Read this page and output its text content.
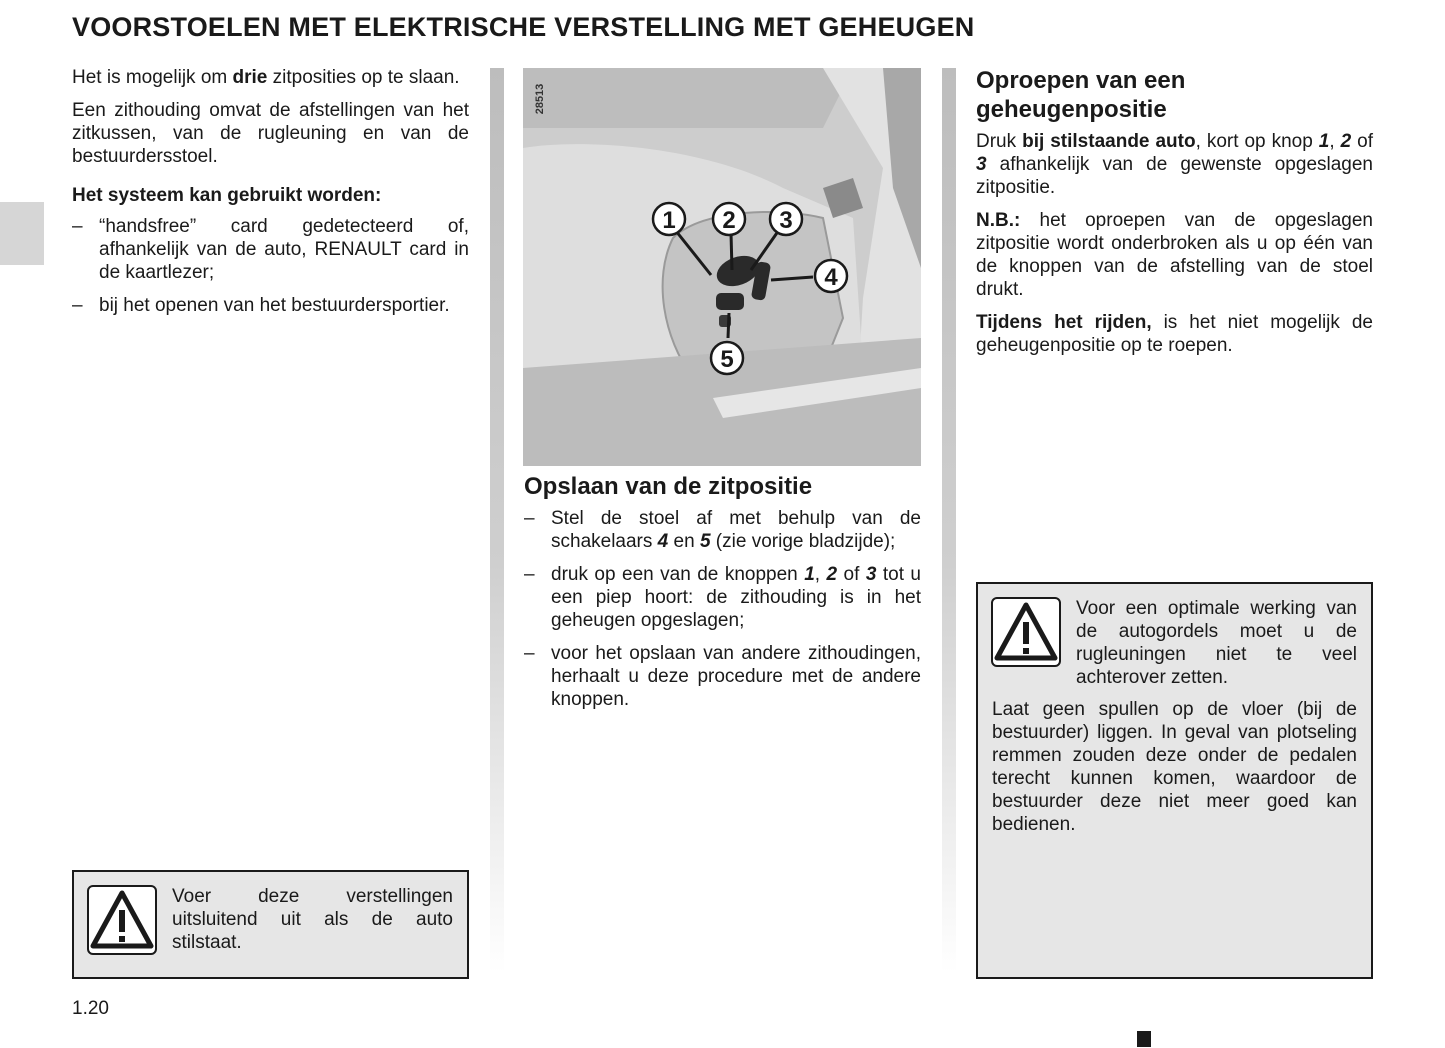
VOORSTOELEN MET ELEKTRISCHE VERSTELLING MET GEHEUGEN

Het is mogelijk om drie zitposities op te slaan.

Een zithouding omvat de afstellingen van het zitkussen, van de rugleuning en van de bestuurdersstoel.

Het systeem kan gebruikt worden:

– “handsfree” card gedetecteerd of, afhankelijk van de auto, RENAULT card in de kaartlezer;
– bij het openen van het bestuurdersportier.

Voer deze verstellingen uitsluitend uit als de auto stilstaat.

1 2 3
4
5
28513
Opslaan van de zitpositie
– Stel de stoel af met behulp van de schakelaars 4 en 5 (zie vorige bladzijde);
– druk op een van de knoppen 1, 2 of 3 tot u een piep hoort: de zithouding is in het geheugen opgeslagen;
– voor het opslaan van andere zithoudingen, herhaalt u deze procedure met de andere knoppen.
Oproepen van een geheugenpositie

Druk bij stilstaande auto, kort op knop 1, 2 of 3 afhankelijk van de gewenste opgeslagen zitpositie.

N.B.: het oproepen van de opgeslagen zitpositie wordt onderbroken als u op één van de knoppen van de afstelling van de stoel drukt.

Tijdens het rijden, is het niet mogelijk de geheugenpositie op te roepen.

Voor een optimale werking van de autogordels moet u de rugleuningen niet te veel achterover zetten.

Laat geen spullen op de vloer (bij de bestuurder) liggen. In geval van plotseling remmen zouden deze onder de pedalen terecht kunnen komen, waardoor de bestuurder deze niet meer goed kan bedienen.

1.20
